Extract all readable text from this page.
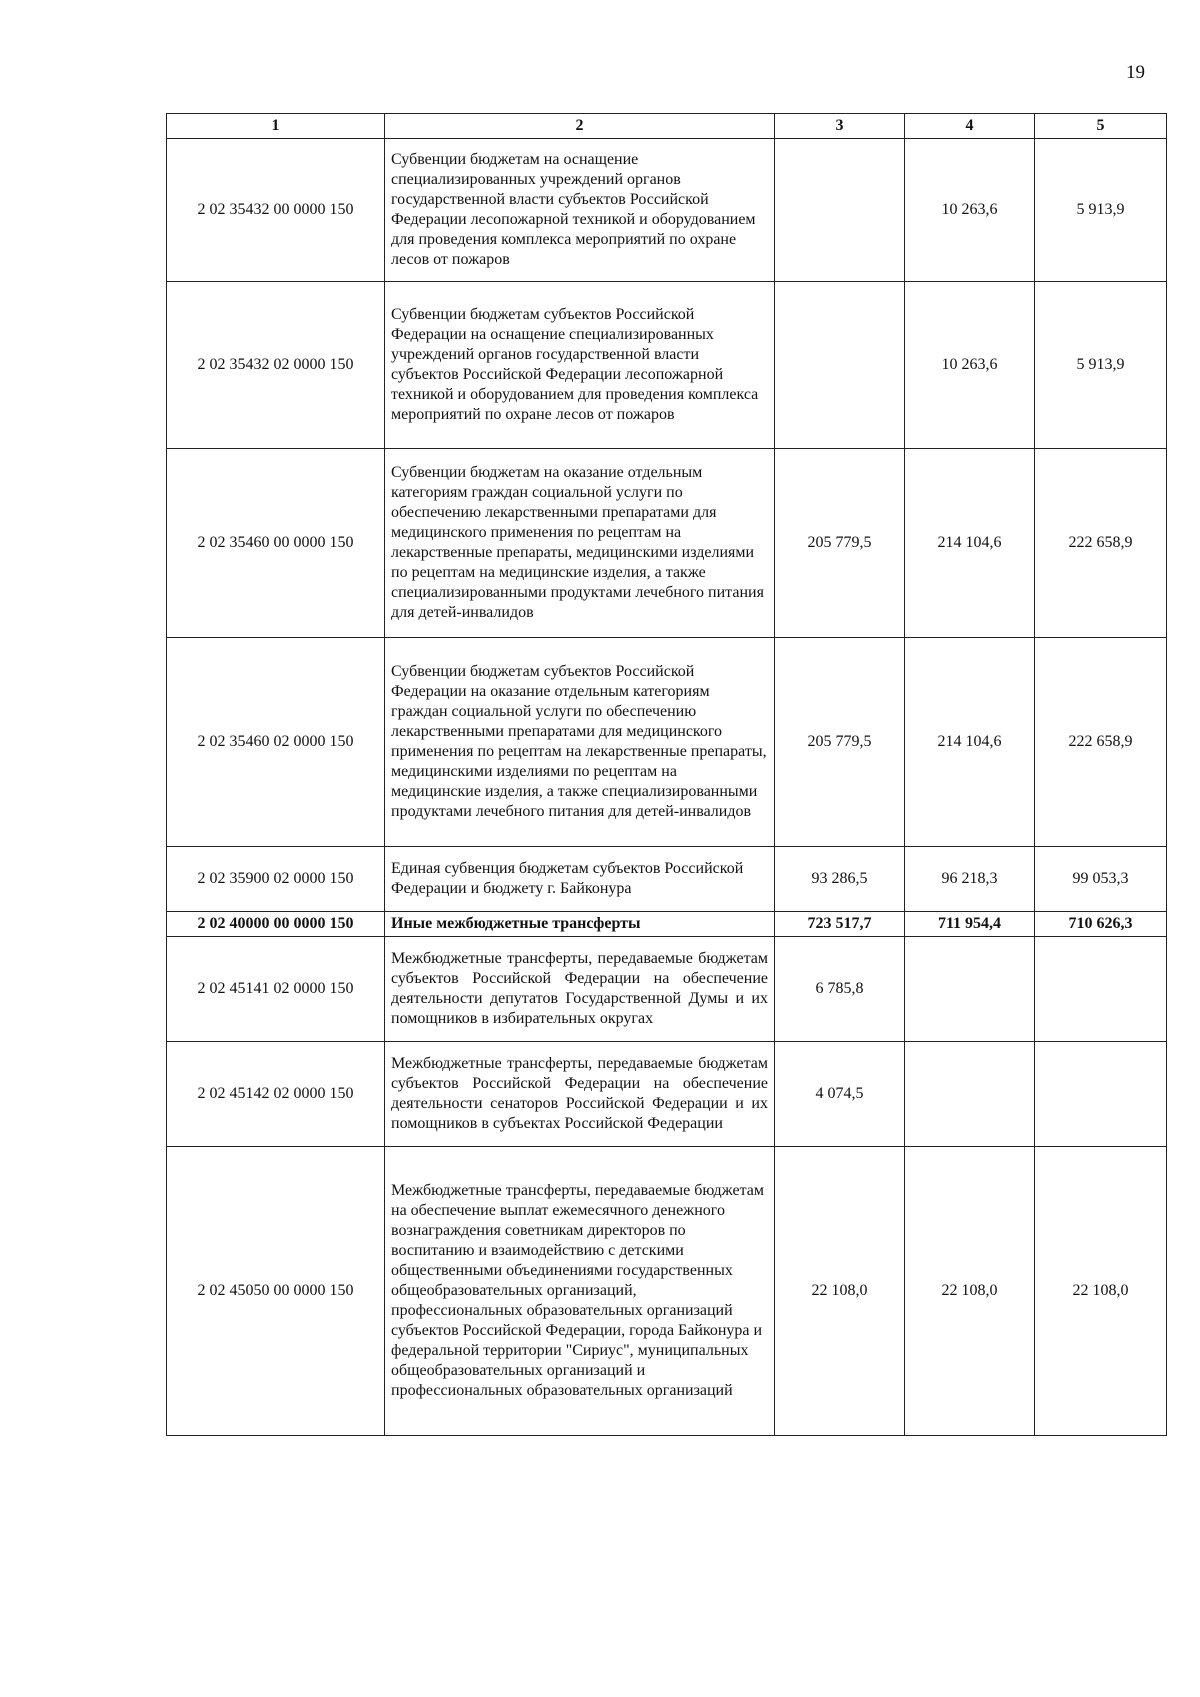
19
1	2	3	4	5
2 02 35432 00 0000 150	Субвенции бюджетам на оснащение специализированных учреждений органов государственной власти субъектов Российской Федерации лесопожарной техникой и оборудованием для проведения комплекса мероприятий по охране лесов от пожаров		10 263,6	5 913,9
2 02 35432 02 0000 150	Субвенции бюджетам субъектов Российской Федерации на оснащение специализированных учреждений органов государственной власти субъектов Российской Федерации лесопожарной техникой и оборудованием для проведения комплекса мероприятий по охране лесов от пожаров		10 263,6	5 913,9
2 02 35460 00 0000 150	Субвенции бюджетам на оказание отдельным категориям граждан социальной услуги по обеспечению лекарственными препаратами для медицинского применения по рецептам на лекарственные препараты, медицинскими изделиями по рецептам на медицинские изделия, а также специализированными продуктами лечебного питания для детей-инвалидов	205 779,5	214 104,6	222 658,9
2 02 35460 02 0000 150	Субвенции бюджетам субъектов Российской Федерации на оказание отдельным категориям граждан социальной услуги по обеспечению лекарственными препаратами для медицинского применения по рецептам на лекарственные препараты, медицинскими изделиями по рецептам на медицинские изделия, а также специализированными продуктами лечебного питания для детей-инвалидов	205 779,5	214 104,6	222 658,9
2 02 35900 02 0000 150	Единая субвенция бюджетам субъектов Российской Федерации и бюджету г. Байконура	93 286,5	96 218,3	99 053,3
2 02 40000 00 0000 150	Иные межбюджетные трансферты	723 517,7	711 954,4	710 626,3
2 02 45141 02 0000 150	Межбюджетные трансферты, передаваемые бюджетам субъектов Российской Федерации на обеспечение деятельности депутатов Государственной Думы и их помощников в избирательных округах	6 785,8		
2 02 45142 02 0000 150	Межбюджетные трансферты, передаваемые бюджетам субъектов Российской Федерации на обеспечение деятельности сенаторов Российской Федерации и их помощников в субъектах Российской Федерации	4 074,5		
2 02 45050 00 0000 150	Межбюджетные трансферты, передаваемые бюджетам на обеспечение выплат ежемесячного денежного вознаграждения советникам директоров по воспитанию и взаимодействию с детскими общественными объединениями государственных общеобразовательных организаций, профессиональных образовательных организаций субъектов Российской Федерации, города Байконура и федеральной территории "Сириус", муниципальных общеобразовательных организаций и профессиональных образовательных организаций	22 108,0	22 108,0	22 108,0
